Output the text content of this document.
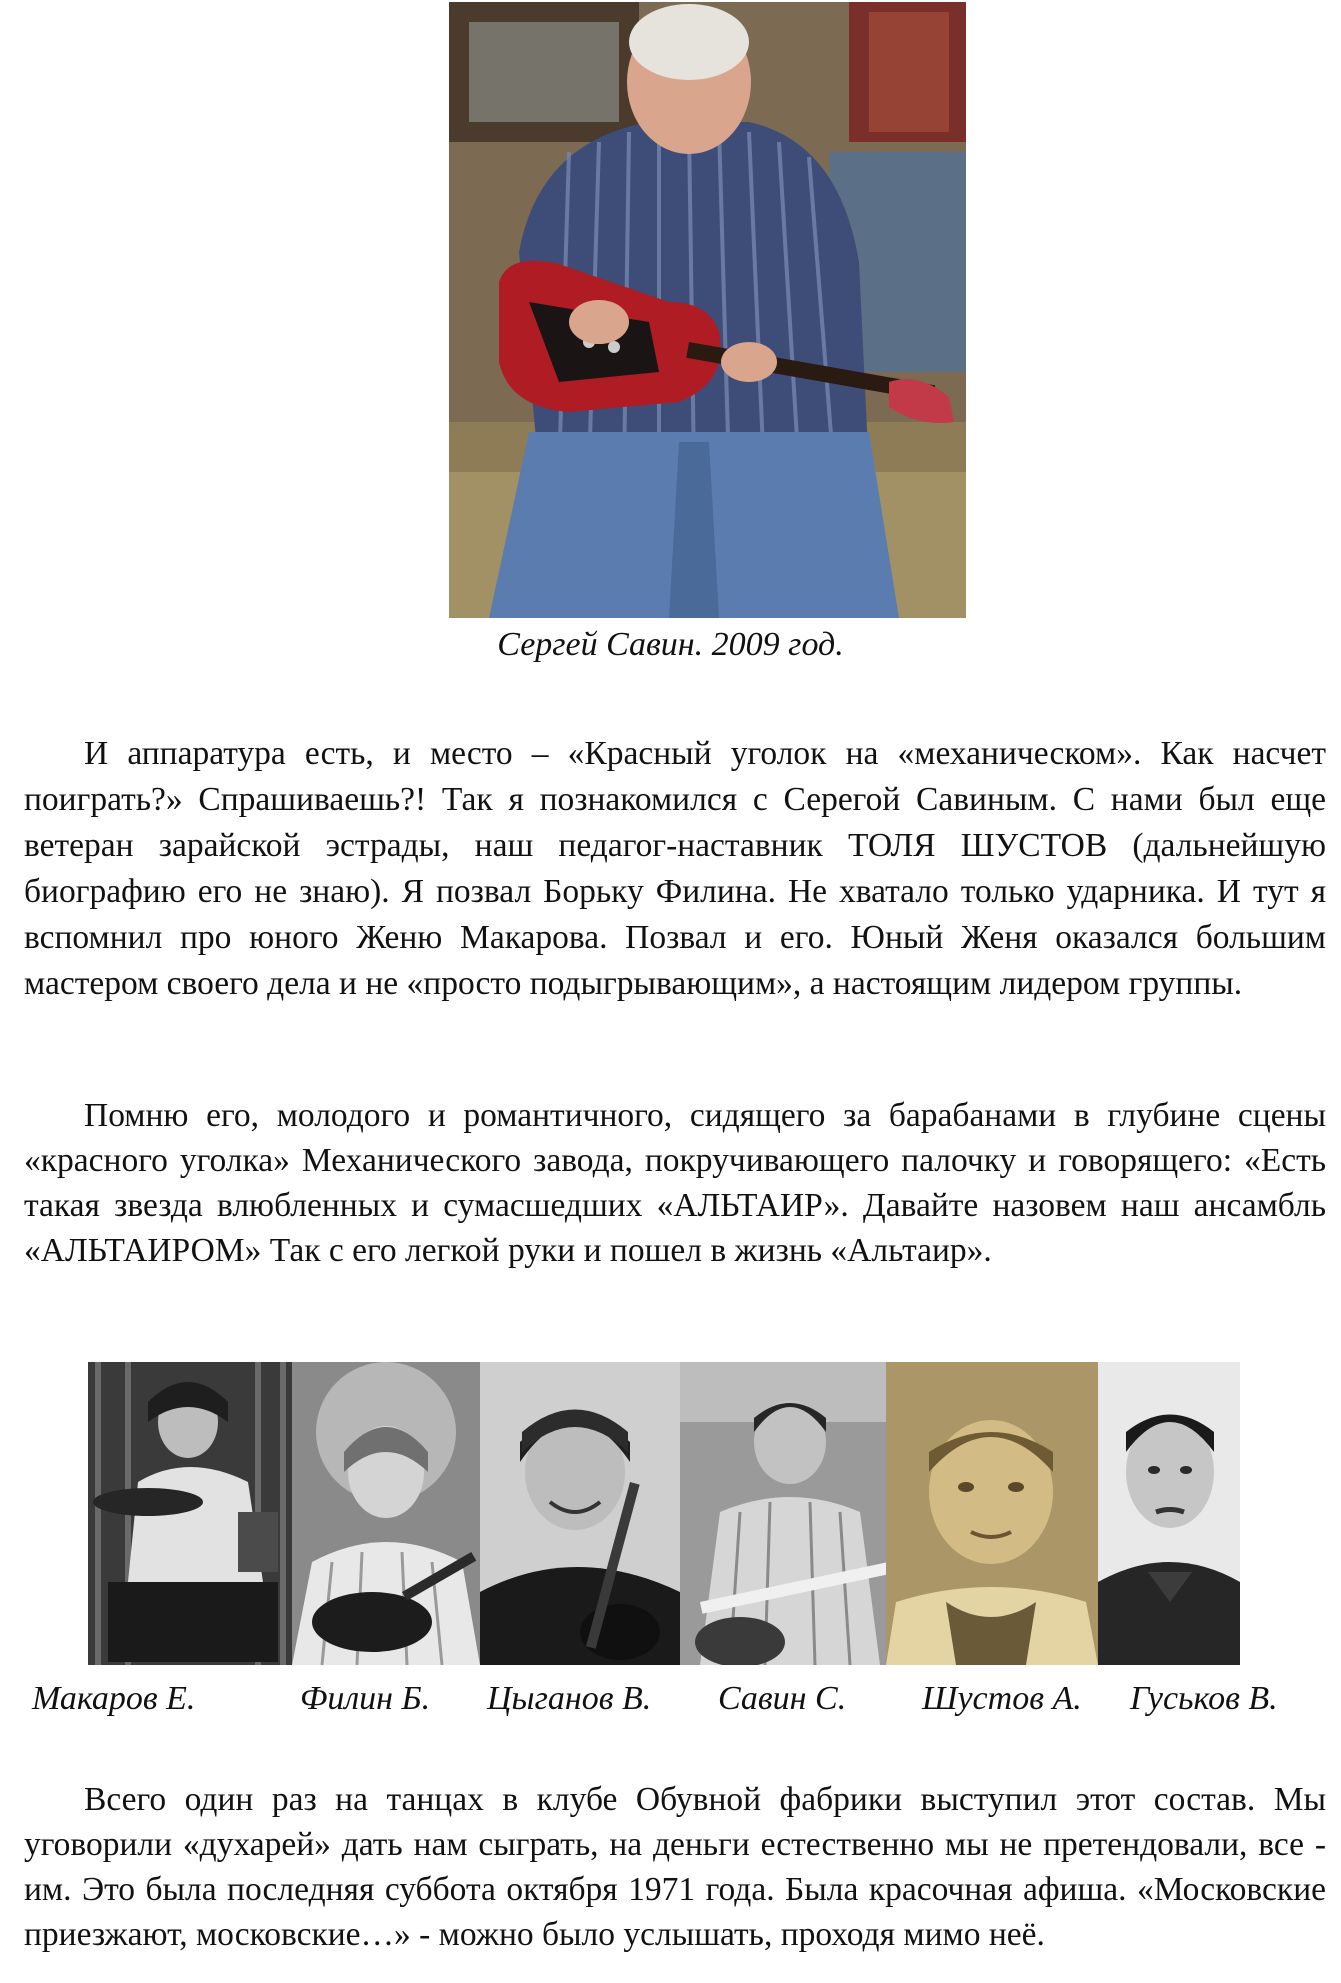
Сергей Савин. 2009 год.

И аппаратура есть, и место – «Красный уголок на «механическом». Как насчет поиграть?» Спрашиваешь?! Так я познакомился с Серегой Савиным. С нами был еще ветеран зарайской эстрады, наш педагог-наставник ТОЛЯ ШУСТОВ (дальнейшую биографию его не знаю). Я позвал Борьку Филина. Не хватало только ударника. И тут я вспомнил про юного Женю Макарова. Позвал и его. Юный Женя оказался большим мастером своего дела и не «просто подыгрывающим», а настоящим лидером группы.

Помню его, молодого и романтичного, сидящего за барабанами в глубине сцены «красного уголка» Механического завода, покручивающего палочку и говорящего: «Есть такая звезда влюбленных и сумасшедших «АЛЬТАИР». Давайте назовем наш ансамбль «АЛЬТАИРОМ» Так с его легкой руки и пошел в жизнь «Альтаир».

Макаров Е.	Филин Б. Цыганов В. Савин С. Шустов А. Гуськов В.

Всего один раз на танцах в клубе Обувной фабрики выступил этот состав. Мы уговорили «духарей» дать нам сыграть, на деньги естественно мы не претендовали, все - им. Это была последняя суббота октября 1971 года. Была красочная афиша. «Московские приезжают, московские…» - можно было услышать, проходя мимо неё.
